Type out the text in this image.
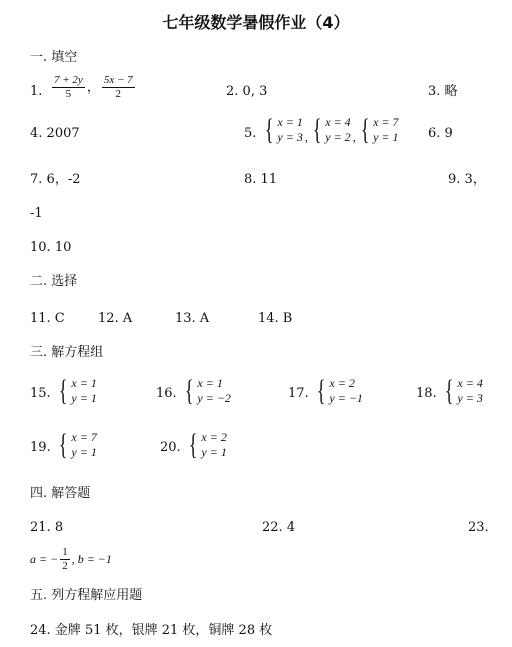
七年级数学暑假作业（4）
一. 填空
1. $\frac{7 + 2y}{5}$ ， $\frac{5x - 7}{2}$	2. 0, 3	3. 略
4. 2007	5. { x = 1
y = 3 , { x = 4
y = 2 , { x = 7
y = 1 6. 9
7. 6，-2	8. 11	9. 3，
-1
10. 10
二. 选择
11. C	12. A	13. A	14. B
三. 解方程组
15. { x = 1
y = 1	16. { x = 1
y = −2	17. { x = 2
y = −1	18. { x = 4
y = 3
19. { x = 7
y = 1	20. { x = 2
y = 1
四. 解答题
21. 8	22. 4	23.
a = − $\frac{1}{2}$ , b = −1
五. 列方程解应用题
24. 金牌 51 枚，银牌 21 枚，铜牌 28 枚
